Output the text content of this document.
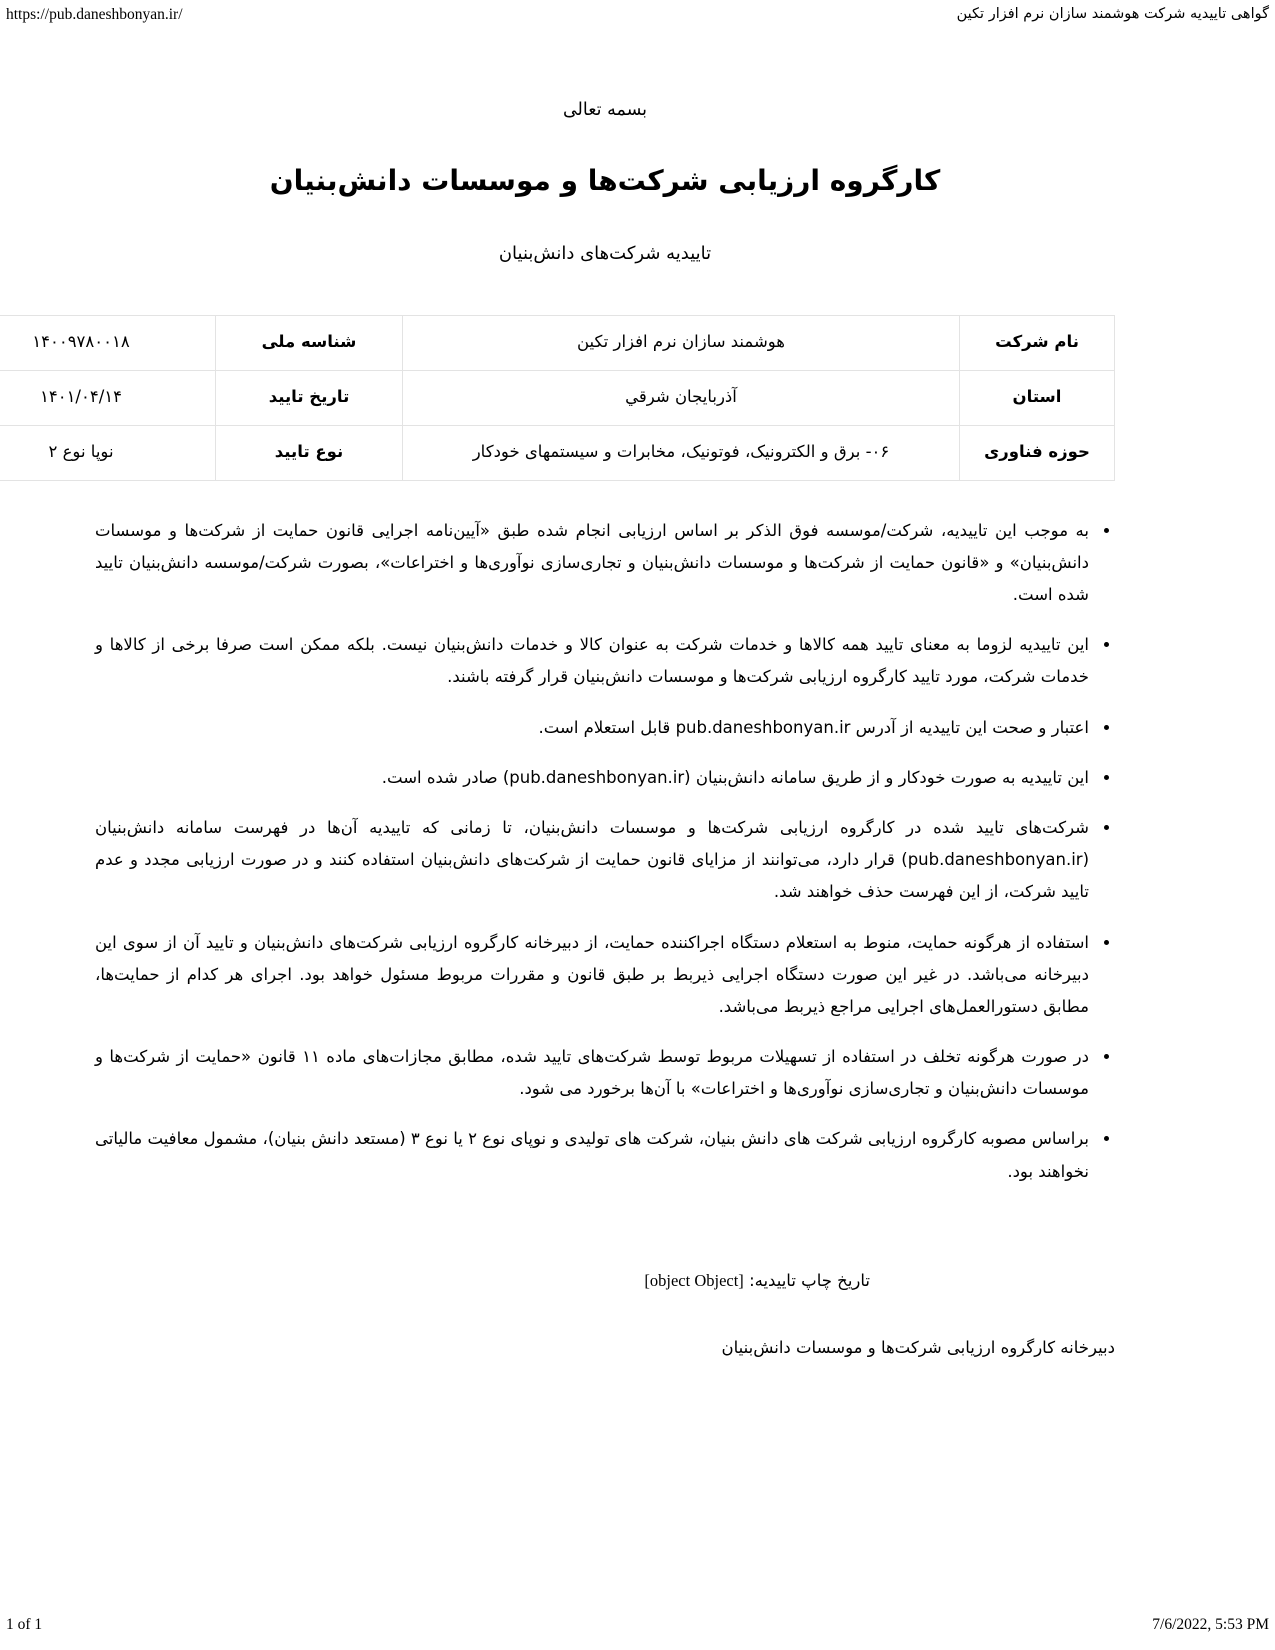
https://pub.daneshbonyan.ir/	گواهی تاییدیه شرکت هوشمند سازان نرم افزار تکین

بسمه تعالی

کارگروه ارزیابی شرکت‌ها و موسسات دانش‌بنیان

تاییدیه شرکت‌های دانش‌بنیان

نام شرکت	هوشمند سازان نرم افزار تکین	شناسه ملی	۱۴۰۰۹۷۸۰۰۱۸
استان	آذربایجان شرقي	تاریخ تایید	۱۴۰۱/۰۴/۱۴
حوزه فناوری	۰۶- برق و الکترونیک، فوتونیک، مخابرات و سیستمهای خودکار	نوع تایید	نوپا نوع ۲
به موجب این تاییدیه، شرکت/موسسه فوق الذکر بر اساس ارزیابی انجام شده طبق «آیین‌نامه اجرایی قانون حمایت از شرکت‌ها و موسسات دانش‌بنیان» و «قانون حمایت از شرکت‌ها و موسسات دانش‌بنیان و تجاری‌سازی نوآوری‌ها و اختراعات»، بصورت شرکت/موسسه دانش‌بنیان تایید شده است.
این تاییدیه لزوما به معنای تایید همه کالاها و خدمات شرکت به عنوان کالا و خدمات دانش‌بنیان نیست. بلکه ممکن است صرفا برخی از کالاها و خدمات شرکت، مورد تایید کارگروه ارزیابی شرکت‌ها و موسسات دانش‌بنیان قرار گرفته باشند.
اعتبار و صحت این تاییدیه از آدرس pub.daneshbonyan.ir قابل استعلام است.
این تاییدیه به صورت خودکار و از طریق سامانه دانش‌بنیان (pub.daneshbonyan.ir) صادر شده است.
شرکت‌های تایید شده در کارگروه ارزیابی شرکت‌ها و موسسات دانش‌بنیان، تا زمانی که تاییدیه آن‌ها در فهرست سامانه دانش‌بنیان (pub.daneshbonyan.ir) قرار دارد، می‌توانند از مزایای قانون حمایت از شرکت‌های دانش‌بنیان استفاده کنند و در صورت ارزیابی مجدد و عدم تایید شرکت، از این فهرست حذف خواهند شد.
استفاده از هرگونه حمایت، منوط به استعلام دستگاه اجراکننده حمایت، از دبیرخانه کارگروه ارزیابی شرکت‌های دانش‌بنیان و تایید آن از سوی این دبیرخانه می‌باشد. در غیر این صورت دستگاه اجرایی ذیربط بر طبق قانون و مقررات مربوط مسئول خواهد بود. اجرای هر کدام از حمایت‌ها، مطابق دستورالعمل‌های اجرایی مراجع ذیربط می‌باشد.
در صورت هرگونه تخلف در استفاده از تسهیلات مربوط توسط شرکت‌های تایید شده، مطابق مجازات‌های ماده ۱۱ قانون «حمایت از شرکت‌ها و موسسات دانش‌بنیان و تجاری‌سازی نوآوری‌ها و اختراعات» با آن‌ها برخورد می شود.
براساس مصوبه کارگروه ارزیابی شرکت های دانش بنیان، شرکت های تولیدی و نوپای نوع ۲ یا نوع ۳ (مستعد دانش بنیان)، مشمول معافیت مالیاتی نخواهند بود.

تاریخ چاپ تاییدیه: [object Object]

دبیرخانه کارگروه ارزیابی شرکت‌ها و موسسات دانش‌بنیان

1 of 1	7/6/2022, 5:53 PM
